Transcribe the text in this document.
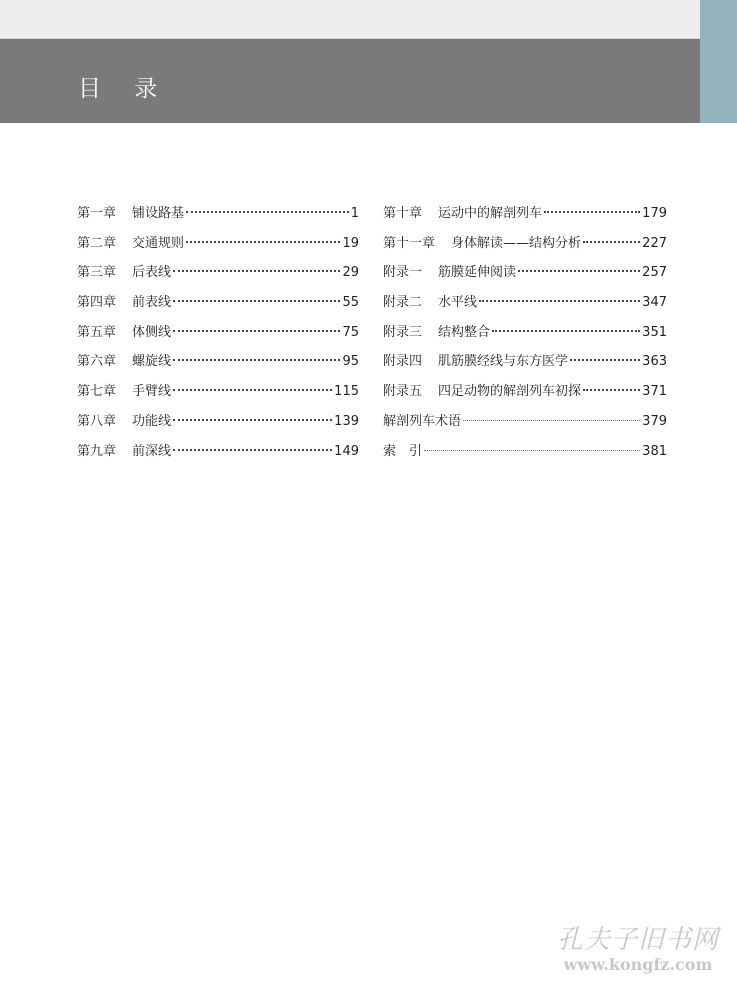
目 录
第一章	铺设路基	1
第二章	交通规则	19
第三章	后表线	29
第四章	前表线	55
第五章	体侧线	75
第六章	螺旋线	95
第七章	手臂线	115
第八章	功能线	139
第九章	前深线	149
第十章	运动中的解剖列车	179
第十一章	身体解读——结构分析	227
附录一	筋膜延伸阅读	257
附录二	水平线	347
附录三	结构整合	351
附录四	肌筋膜经线与东方医学	363
附录五	四足动物的解剖列车初探	371
解剖列车术语	379
索　引	381
孔夫子旧书网
www.kongfz.com
